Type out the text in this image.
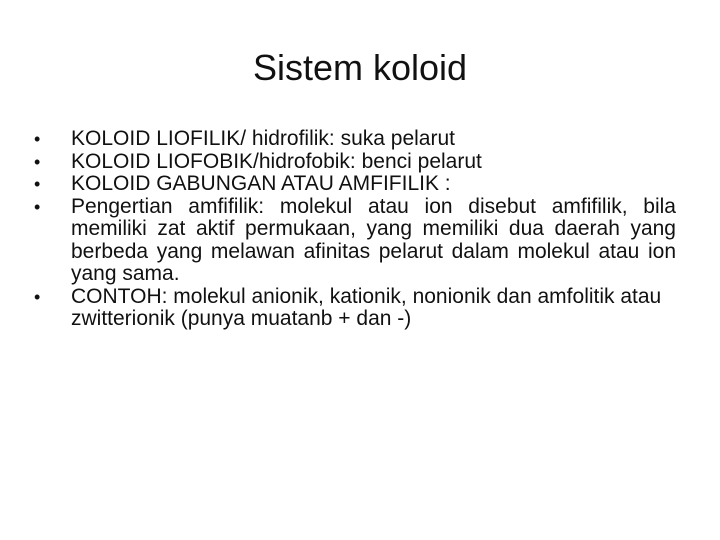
Sistem koloid
•	KOLOID LIOFILIK/ hidrofilik: suka pelarut
•	KOLOID LIOFOBIK/hidrofobik: benci pelarut
•	KOLOID GABUNGAN ATAU AMFIFILIK :
•	Pengertian amfifilik: molekul atau ion disebut amfifilik, bila memiliki zat aktif permukaan, yang memiliki dua daerah yang berbeda yang melawan afinitas pelarut dalam molekul atau ion yang sama.
•	CONTOH: molekul anionik, kationik, nonionik dan amfolitik atau zwitterionik (punya muatanb + dan -)
